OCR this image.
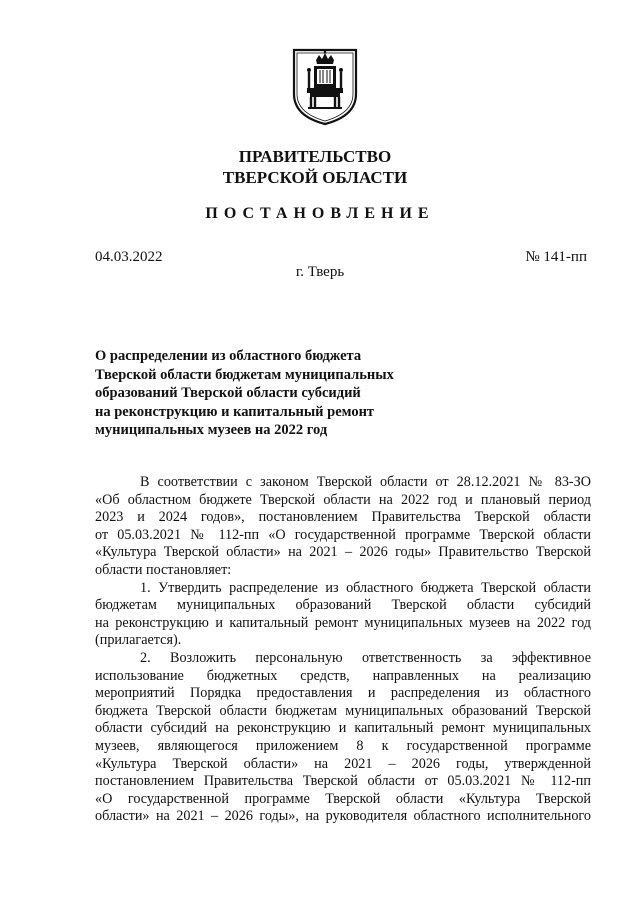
ПРАВИТЕЛЬСТВО
ТВЕРСКОЙ ОБЛАСТИ
ПОСТАНОВЛЕНИЕ
04.03.2022	№ 141-пп
г. Тверь
О распределении из областного бюджета
Тверской области бюджетам муниципальных
образований Тверской области субсидий
на реконструкцию и капитальный ремонт
муниципальных музеев на 2022 год
В соответствии с законом Тверской области от 28.12.2021 № 83-ЗО
«Об областном бюджете Тверской области на 2022 год и плановый период
2023 и 2024 годов», постановлением Правительства Тверской области
от 05.03.2021 № 112-пп «О государственной программе Тверской области
«Культура Тверской области» на 2021 – 2026 годы» Правительство Тверской
области постановляет:
1. Утвердить распределение из областного бюджета Тверской области
бюджетам муниципальных образований Тверской области субсидий
на реконструкцию и капитальный ремонт муниципальных музеев на 2022 год
(прилагается).
2. Возложить персональную ответственность за эффективное
использование бюджетных средств, направленных на реализацию
мероприятий Порядка предоставления и распределения из областного
бюджета Тверской области бюджетам муниципальных образований Тверской
области субсидий на реконструкцию и капитальный ремонт муниципальных
музеев, являющегося приложением 8 к государственной программе
«Культура Тверской области» на 2021 – 2026 годы, утвержденной
постановлением Правительства Тверской области от 05.03.2021 № 112-пп
«О государственной программе Тверской области «Культура Тверской
области» на 2021 – 2026 годы», на руководителя областного исполнительного
